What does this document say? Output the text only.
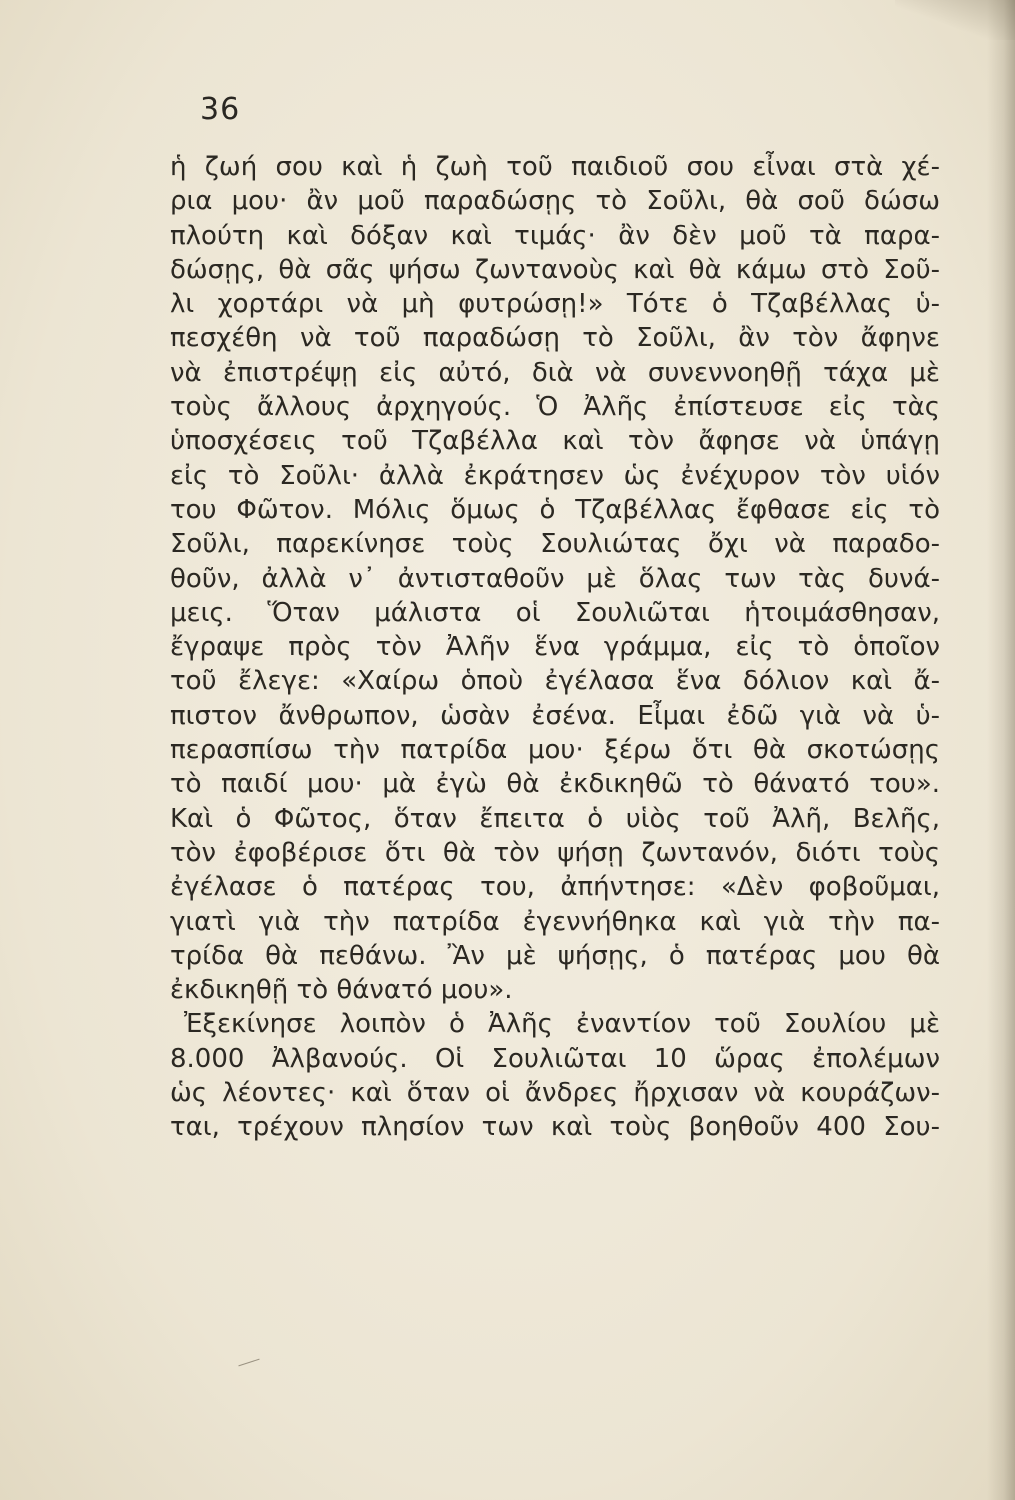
36
ἡ ζωή σου καὶ ἡ ζωὴ τοῦ παιδιοῦ σου εἶναι στὰ χέ-
ρια μου· ἂν μοῦ παραδώσῃς τὸ Σοῦλι, θὰ σοῦ δώσω
πλούτη καὶ δόξαν καὶ τιμάς· ἂν δὲν μοῦ τὰ παρα-
δώσῃς, θὰ σᾶς ψήσω ζωντανοὺς καὶ θὰ κάμω στὸ Σοῦ-
λι χορτάρι νὰ μὴ φυτρώσῃ!» Τότε ὁ Τζαβέλλας ὑ-
πεσχέθη νὰ τοῦ παραδώσῃ τὸ Σοῦλι, ἂν τὸν ἄφηνε
νὰ ἐπιστρέψῃ εἰς αὐτό, διὰ νὰ συνεννοηθῇ τάχα μὲ
τοὺς ἄλλους ἀρχηγούς. Ὁ Ἀλῆς ἐπίστευσε εἰς τὰς
ὑποσχέσεις τοῦ Τζαβέλλα καὶ τὸν ἄφησε νὰ ὑπάγῃ
εἰς τὸ Σοῦλι· ἀλλὰ ἐκράτησεν ὡς ἐνέχυρον τὸν υἱόν
του Φῶτον. Μόλις ὅμως ὁ Τζαβέλλας ἔφθασε εἰς τὸ
Σοῦλι, παρεκίνησε τοὺς Σουλιώτας ὄχι νὰ παραδο-
θοῦν, ἀλλὰ ν᾽ ἀντισταθοῦν μὲ ὅλας των τὰς δυνά-
μεις. Ὅταν μάλιστα οἱ Σουλιῶται ἡτοιμάσθησαν,
ἔγραψε πρὸς τὸν Ἀλῆν ἕνα γράμμα, εἰς τὸ ὁποῖον
τοῦ ἔλεγε: «Χαίρω ὁποὺ ἐγέλασα ἕνα δόλιον καὶ ἄ-
πιστον ἄνθρωπον, ὡσὰν ἐσένα. Εἶμαι ἐδῶ γιὰ νὰ ὑ-
περασπίσω τὴν πατρίδα μου· ξέρω ὅτι θὰ σκοτώσῃς
τὸ παιδί μου· μὰ ἐγὼ θὰ ἐκδικηθῶ τὸ θάνατό του».
Καὶ ὁ Φῶτος, ὅταν ἔπειτα ὁ υἱὸς τοῦ Ἀλῆ, Βελῆς,
τὸν ἐφοβέρισε ὅτι θὰ τὸν ψήσῃ ζωντανόν, διότι τοὺς
ἐγέλασε ὁ πατέρας του, ἀπήντησε: «Δὲν φοβοῦμαι,
γιατὶ γιὰ τὴν πατρίδα ἐγεννήθηκα καὶ γιὰ τὴν πα-
τρίδα θὰ πεθάνω. Ἂν μὲ ψήσῃς, ὁ πατέρας μου θὰ
ἐκδικηθῇ τὸ θάνατό μου».
Ἐξεκίνησε λοιπὸν ὁ Ἀλῆς ἐναντίον τοῦ Σουλίου μὲ
8.000 Ἀλβανούς. Οἱ Σουλιῶται 10 ὥρας ἐπολέμων
ὡς λέοντες· καὶ ὅταν οἱ ἄνδρες ἤρχισαν νὰ κουράζων-
ται, τρέχουν πλησίον των καὶ τοὺς βοηθοῦν 400 Σου-
